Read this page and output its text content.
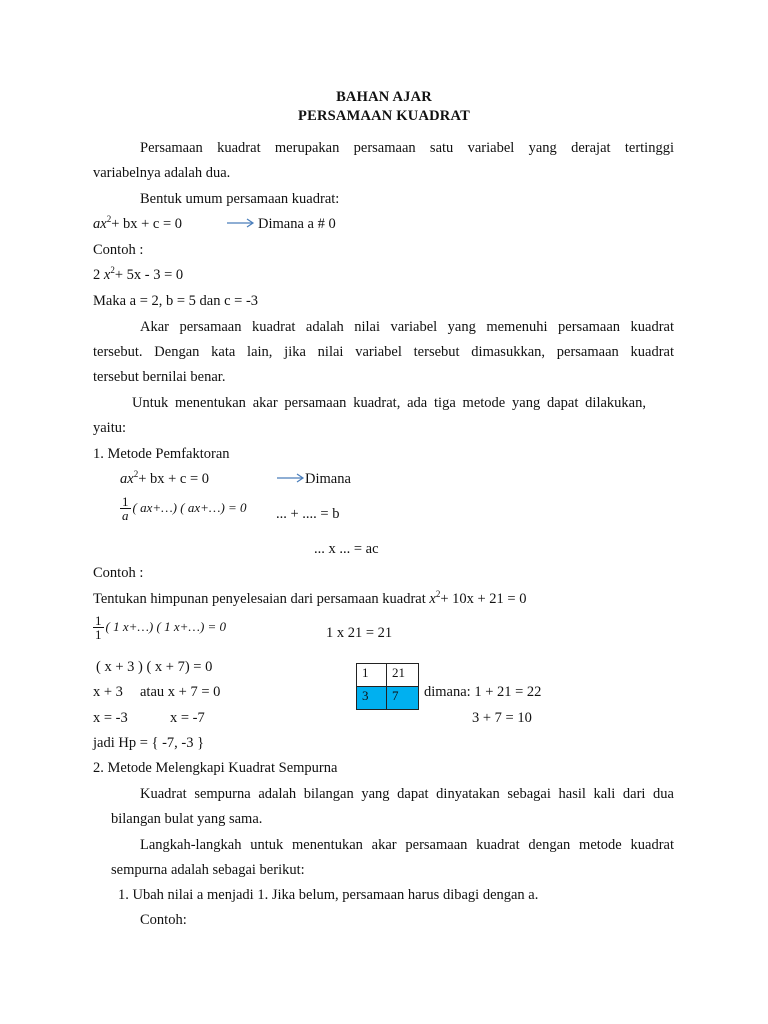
BAHAN AJAR
PERSAMAAN KUADRAT
Persamaan kuadrat merupakan persamaan satu variabel yang derajat tertinggi
variabelnya adalah dua.
Bentuk umum persamaan kuadrat:
$ax^2+$ bx + c = 0	Dimana a # 0
Contoh :
2 $x^2+ 5x - 3 = 0$
Maka a = 2, b = 5 dan c = -3
Akar persamaan kuadrat adalah nilai variabel yang memenuhi persamaan kuadrat
tersebut. Dengan kata lain, jika nilai variabel tersebut dimasukkan, persamaan kuadrat
tersebut bernilai benar.
Untuk menentukan akar persamaan kuadrat, ada tiga metode yang dapat dilakukan,
yaitu:
1. Metode Pemfaktoran
$ax^2+$ bx + c = 0	Dimana
$\frac{1}{a}$ ( ax+…) ( ax+…) = 0 ... + .... = b
... x ... = ac
Contoh :
Tentukan himpunan penyelesaian dari persamaan kuadrat $x^2+ 10x + 21 = 0$
$\frac{1}{1}$ ( 1 x+…) ( 1 x+…) = 0	1 x 21 = 21
( x + 3 ) ( x + 7) = 0
x + 3 atau x + 7 = 0
x = -3	x = -7
1	21
3	7 dimana: 1 + 21 = 22
3 + 7 = 10
jadi Hp = { -7, -3 }
2. Metode Melengkapi Kuadrat Sempurna
Kuadrat sempurna adalah bilangan yang dapat dinyatakan sebagai hasil kali dari dua
bilangan bulat yang sama.
Langkah-langkah untuk menentukan akar persamaan kuadrat dengan metode kuadrat
sempurna adalah sebagai berikut:
1. Ubah nilai a menjadi 1. Jika belum, persamaan harus dibagi dengan a.
Contoh:
